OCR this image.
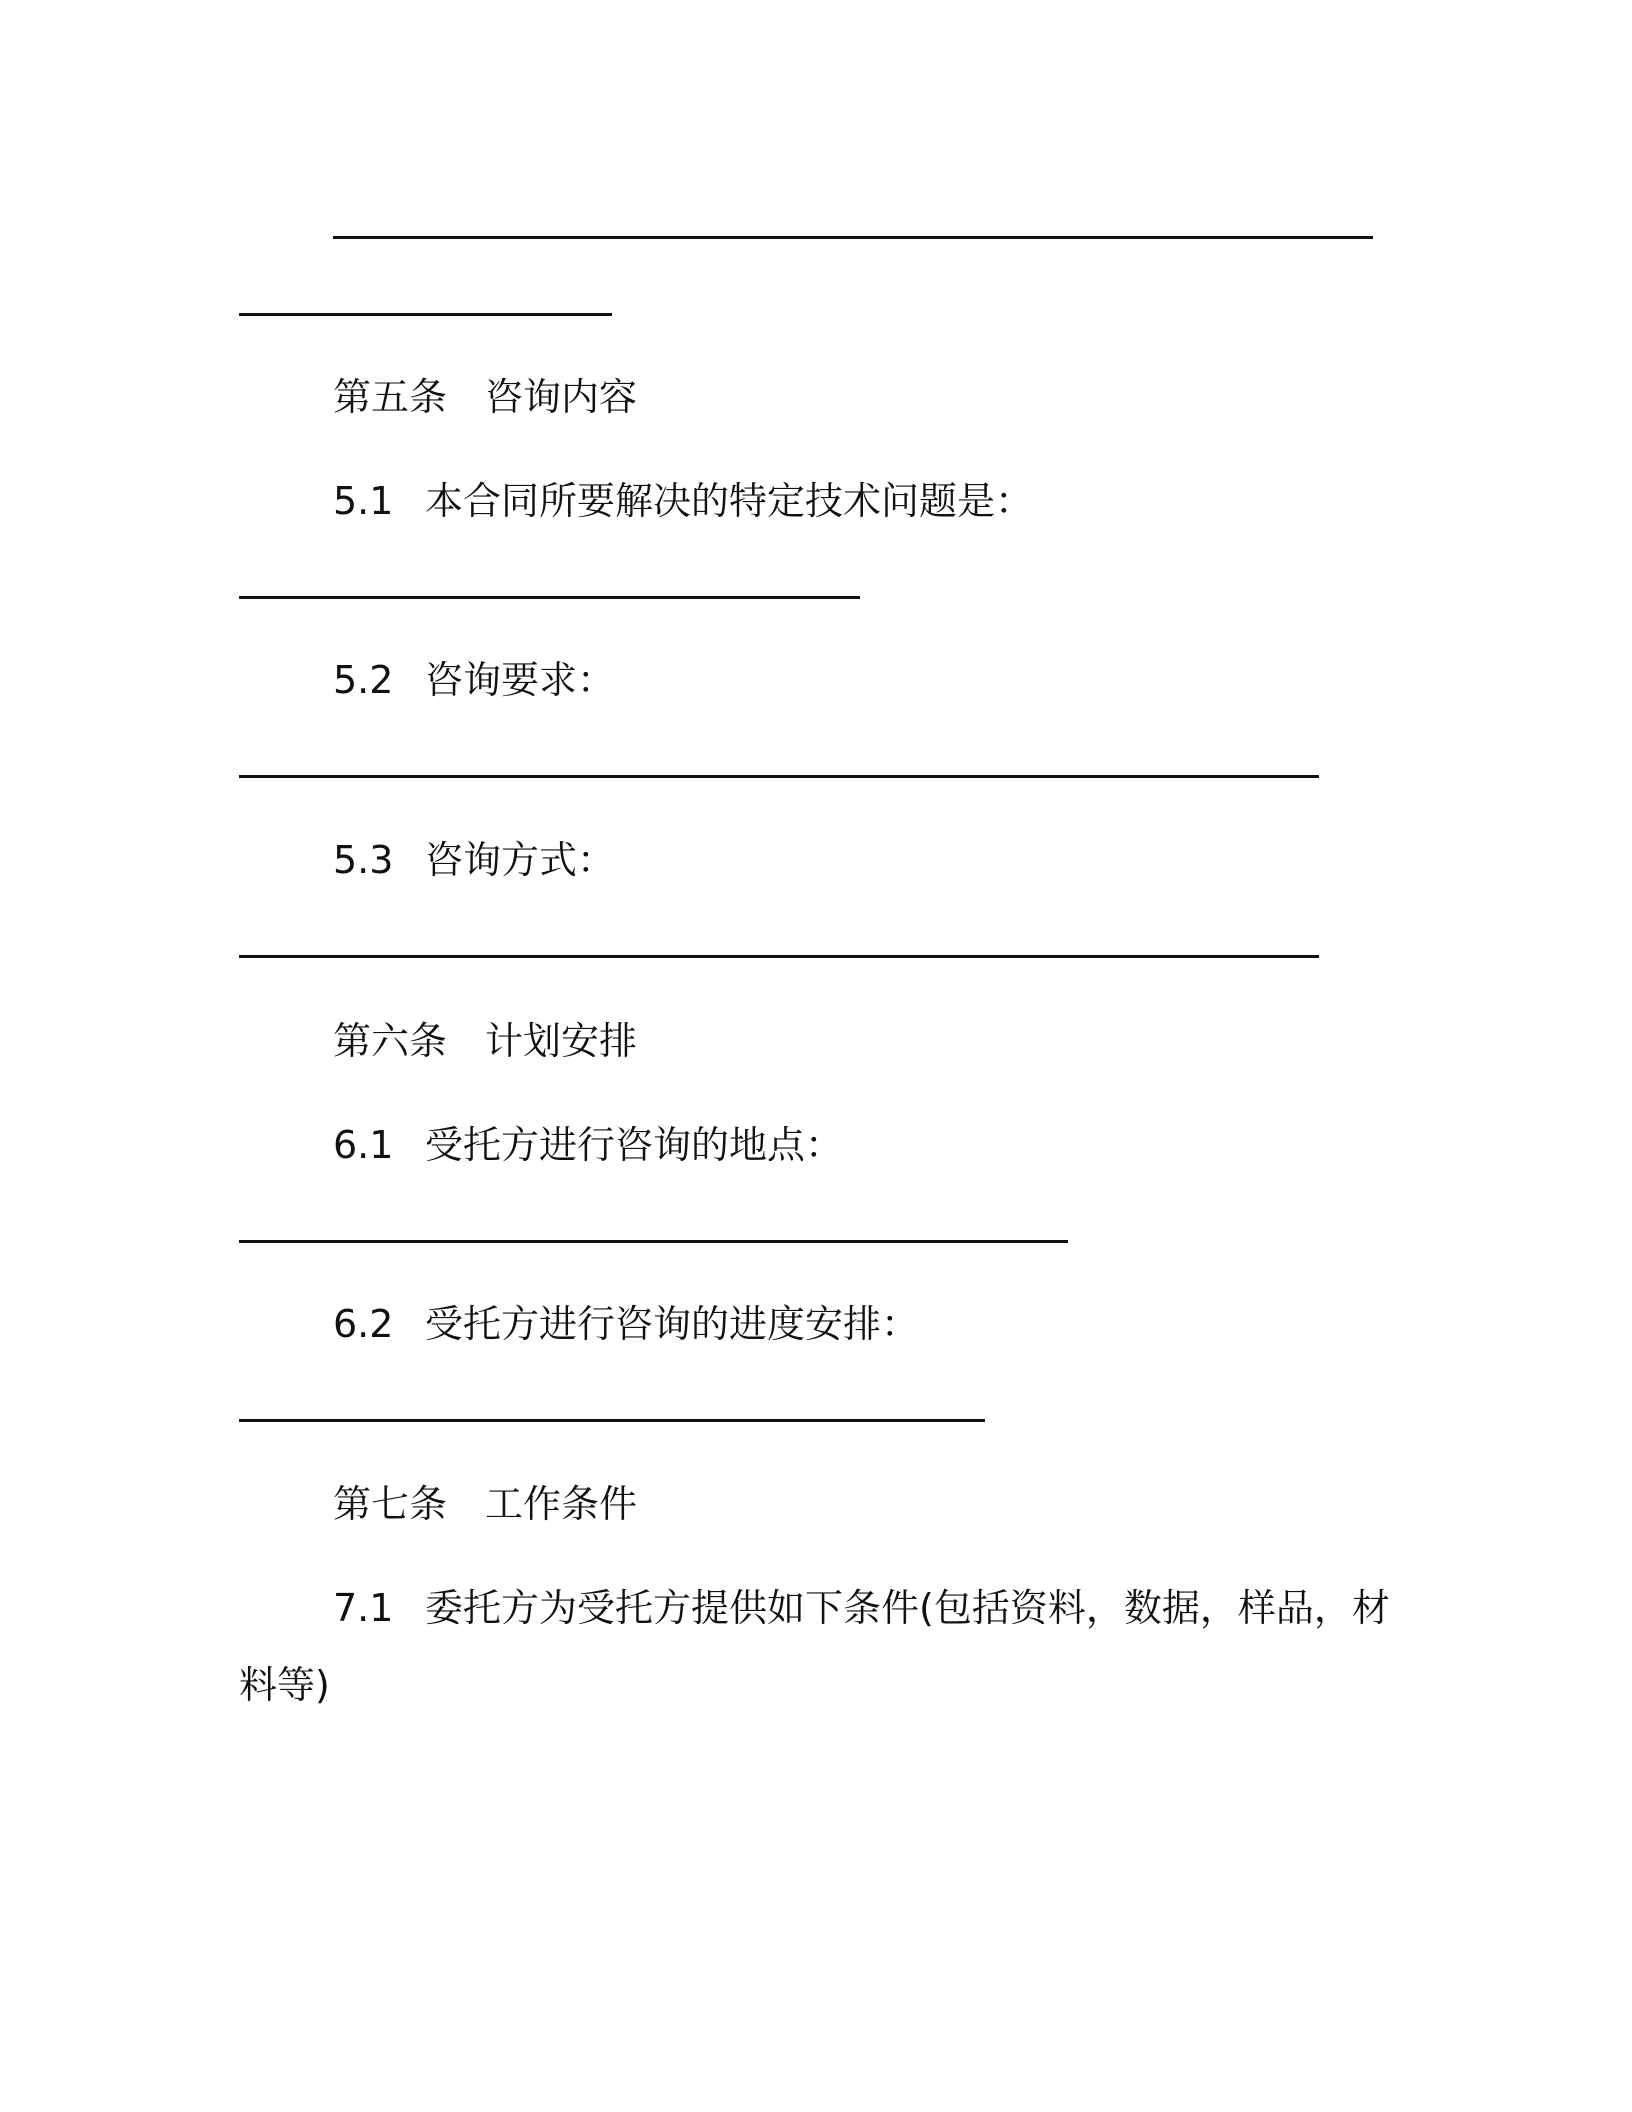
第五条 咨询内容
5.1 本合同所要解决的特定技术问题是：
5.2 咨询要求：
5.3 咨询方式：
第六条 计划安排
6.1 受托方进行咨询的地点：
6.2 受托方进行咨询的进度安排：
第七条 工作条件
7.1 委托方为受托方提供如下条件(包括资料，数据，样品，材
料等)
